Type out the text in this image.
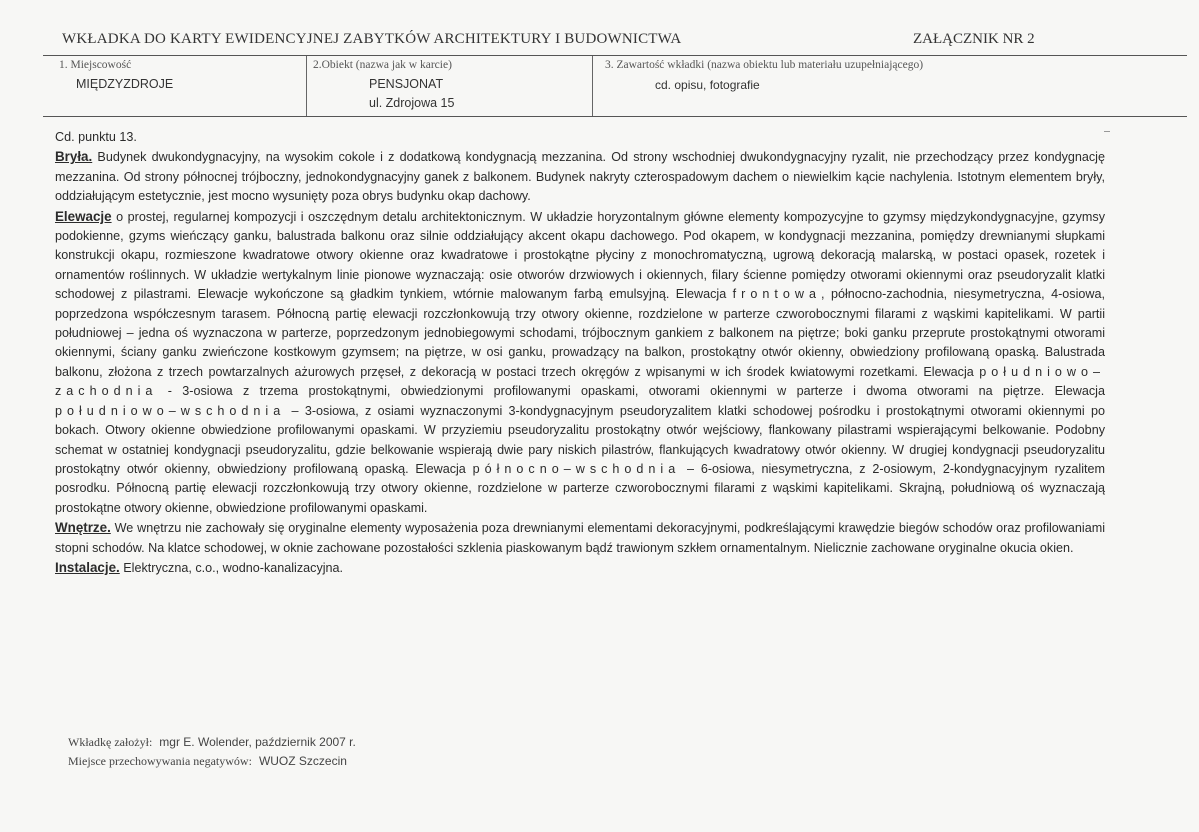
WKŁADKA DO KARTY EWIDENCYJNEJ ZABYTKÓW ARCHITEKTURY I BUDOWNICTWA	ZAŁĄCZNIK NR 2
1. Miejscowość
MIĘDZYZDROJE
2.Obiekt (nazwa jak w karcie)
PENSJONAT
ul. Zdrojowa 15
3. Zawartość wkładki (nazwa obiektu lub materiału uzupełniającego)
cd. opisu, fotografie

Cd. punktu 13.

Bryła. Budynek dwukondygnacyjny, na wysokim cokole i z dodatkową kondygnacją mezzanina. Od strony wschodniej dwukondygnacyjny ryzalit, nie przechodzący przez kondygnację mezzanina. Od strony północnej trójboczny, jednokondygnacyjny ganek z balkonem. Budynek nakryty czterospadowym dachem o niewielkim kącie nachylenia. Istotnym elementem bryły, oddziałującym estetycznie, jest mocno wysunięty poza obrys budynku okap dachowy.

Elewacje o prostej, regularnej kompozycji i oszczędnym detalu architektonicznym. W układzie horyzontalnym główne elementy kompozycyjne to gzymsy międzykondygnacyjne, gzymsy podokienne, gzyms wieńczący ganku, balustrada balkonu oraz silnie oddziałujący akcent okapu dachowego. Pod okapem, w kondygnacji mezzanina, pomiędzy drewnianymi słupkami konstrukcji okapu, rozmieszone kwadratowe otwory okienne oraz kwadratowe i prostokątne płyciny z monochromatyczną, ugrową dekoracją malarską, w postaci opasek, rozetek i ornamentów roślinnych. W układzie wertykalnym linie pionowe wyznaczają: osie otworów drzwiowych i okiennych, filary ścienne pomiędzy otworami okiennymi oraz pseudoryzalit klatki schodowej z pilastrami. Elewacje wykończone są gładkim tynkiem, wtórnie malowanym farbą emulsyjną. Elewacja frontowa, północno-zachodnia, niesymetryczna, 4-osiowa, poprzedzona współczesnym tarasem. Północną partię elewacji rozczłonkowują trzy otwory okienne, rozdzielone w parterze czworobocznymi filarami z wąskimi kapitelikami. W partii południowej – jedna oś wyznaczona w parterze, poprzedzonym jednobiegowymi schodami, trójbocznym gankiem z balkonem na piętrze; boki ganku przeprute prostokątnymi otworami okiennymi, ściany ganku zwieńczone kostkowym gzymsem; na piętrze, w osi ganku, prowadzący na balkon, prostokątny otwór okienny, obwiedziony profilowaną opaską. Balustrada balkonu, złożona z trzech powtarzalnych ażurowych przęseł, z dekoracją w postaci trzech okręgów z wpisanymi w ich środek kwiatowymi rozetkami. Elewacja południowo–zachodnia - 3-osiowa z trzema prostokątnymi, obwiedzionymi profilowanymi opaskami, otworami okiennymi w parterze i dwoma otworami na piętrze. Elewacja południowo–wschodnia – 3-osiowa, z osiami wyznaczonymi 3-kondygnacyjnym pseudoryzalitem klatki schodowej pośrodku i prostokątnymi otworami okiennymi po bokach. Otwory okienne obwiedzione profilowanymi opaskami. W przyziemiu pseudoryzalitu prostokątny otwór wejściowy, flankowany pilastrami wspierającymi belkowanie. Podobny schemat w ostatniej kondygnacji pseudoryzalitu, gdzie belkowanie wspierają dwie pary niskich pilastrów, flankujących kwadratowy otwór okienny. W drugiej kondygnacji pseudoryzalitu prostokątny otwór okienny, obwiedziony profilowaną opaską. Elewacja północno–wschodnia – 6-osiowa, niesymetryczna, z 2-osiowym, 2-kondygnacyjnym ryzalitem posrodku. Północną partię elewacji rozczłonkowują trzy otwory okienne, rozdzielone w parterze czworobocznymi filarami z wąskimi kapitelikami. Skrajną, południową oś wyznaczają prostokątne otwory okienne, obwiedzione profilowanymi opaskami.

Wnętrze. We wnętrzu nie zachowały się oryginalne elementy wyposażenia poza drewnianymi elementami dekoracyjnymi, podkreślającymi krawędzie biegów schodów oraz profilowaniami stopni schodów. Na klatce schodowej, w oknie zachowane pozostałości szklenia piaskowanym bądź trawionym szkłem ornamentalnym. Nielicznie zachowane oryginalne okucia okien.

Instalacje. Elektryczna, c.o., wodno-kanalizacyjna.

Wkładkę założył: mgr E. Wolender, październik 2007 r.
Miejsce przechowywania negatywów: WUOZ Szczecin
